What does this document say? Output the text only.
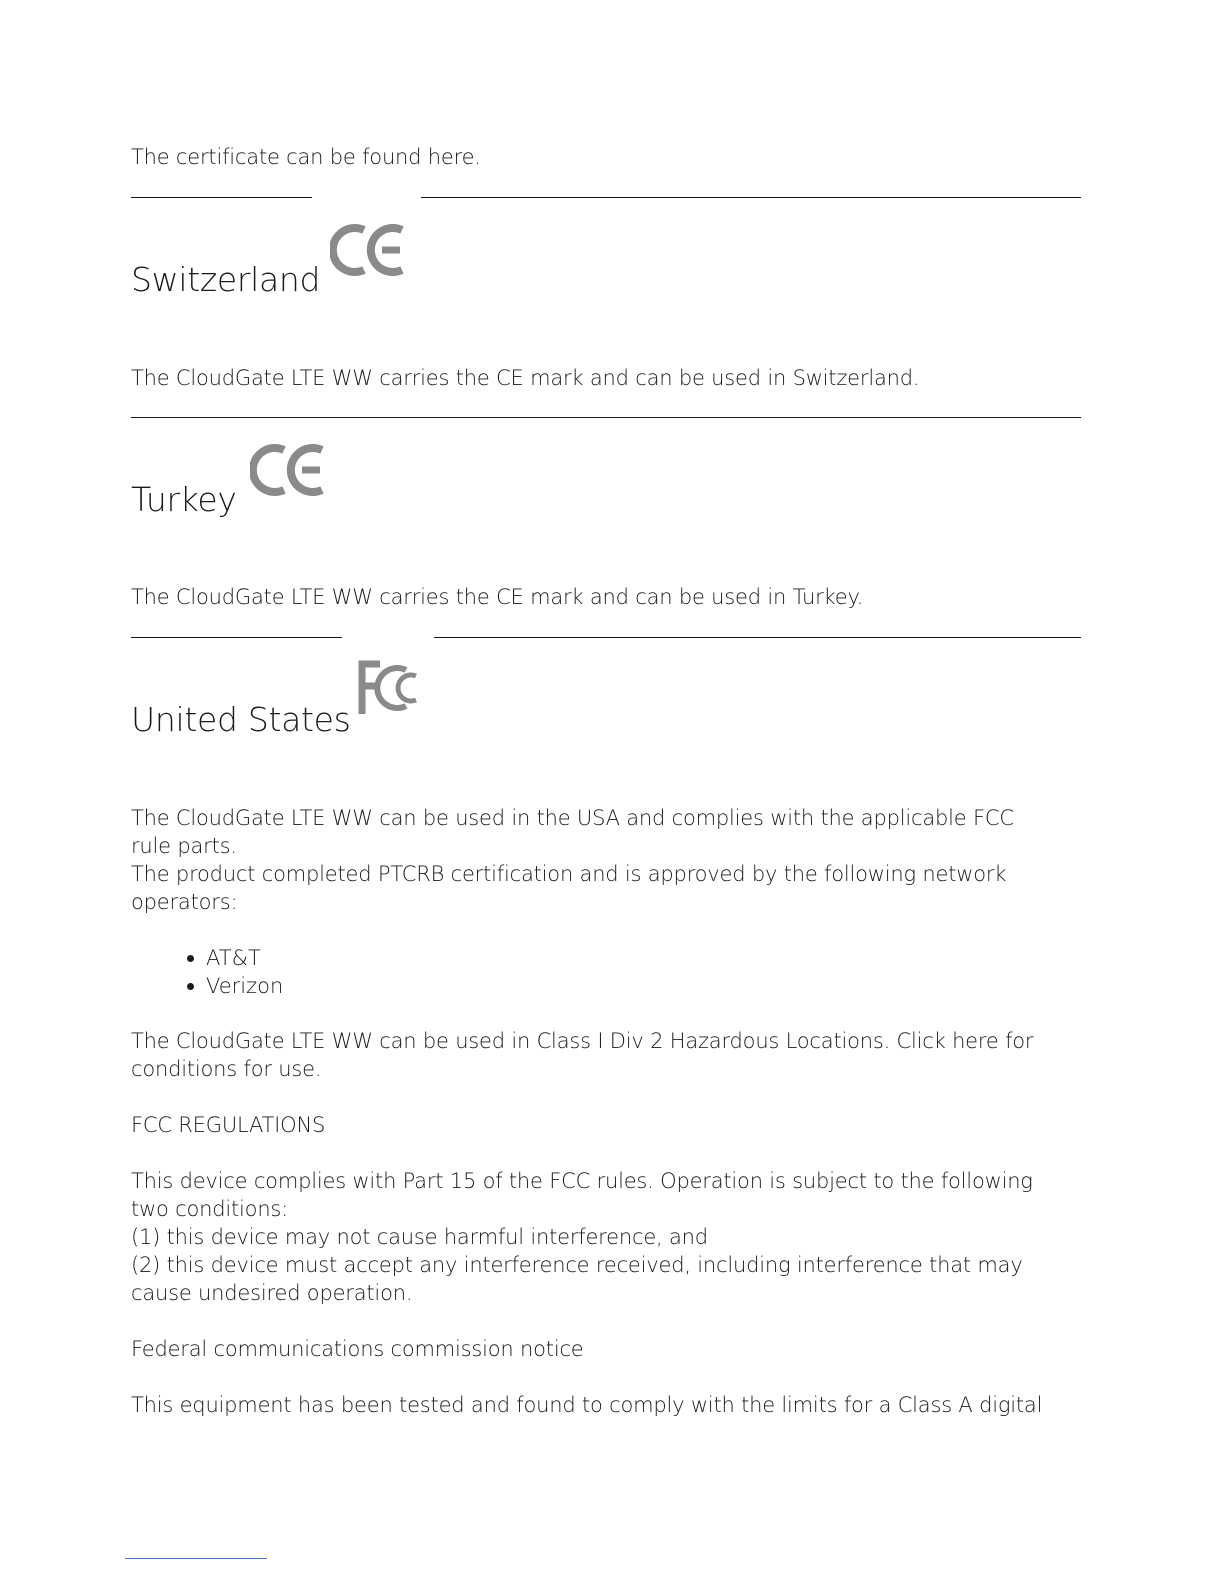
The certificate can be found here.
Switzerland
The CloudGate LTE WW carries the CE mark and can be used in Switzerland.
Turkey
The CloudGate LTE WW carries the CE mark and can be used in Turkey.
United States
The CloudGate LTE WW can be used in the USA and complies with the applicable FCC
rule parts.
The product completed PTCRB certification and is approved by the following network
operators:
AT&T
Verizon
The CloudGate LTE WW can be used in Class I Div 2 Hazardous Locations. Click here for
conditions for use.
FCC REGULATIONS
This device complies with Part 15 of the FCC rules. Operation is subject to the following
two conditions:
(1) this device may not cause harmful interference, and
(2) this device must accept any interference received, including interference that may
cause undesired operation.
Federal communications commission notice
This equipment has been tested and found to comply with the limits for a Class A digital
